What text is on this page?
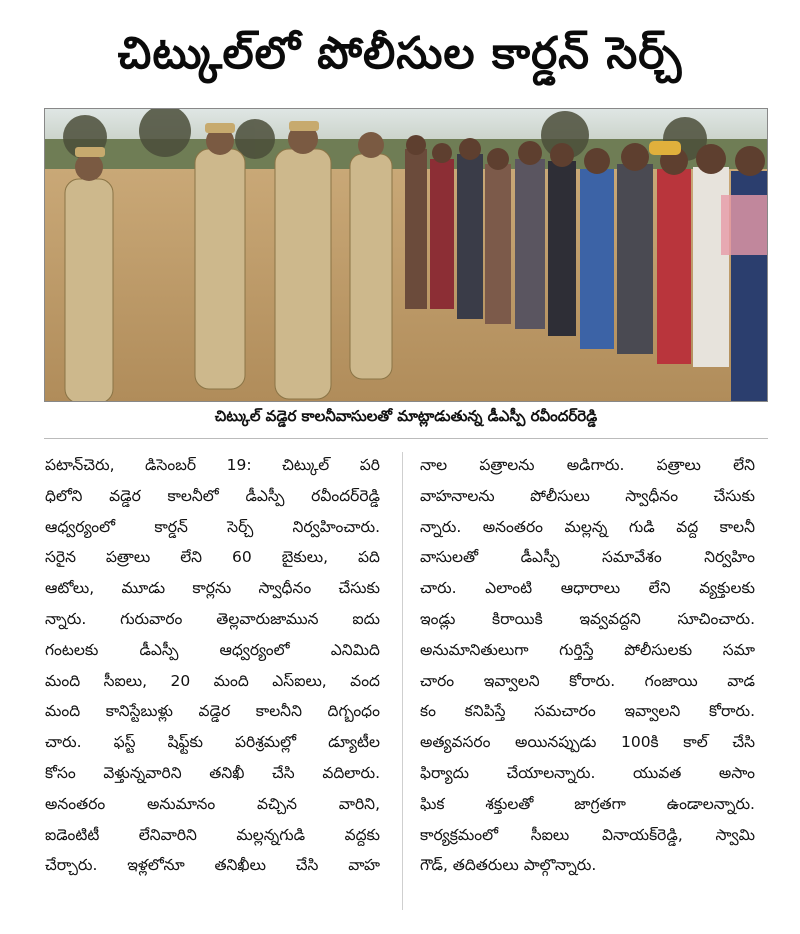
చిట్కుల్‌లో పోలీసుల కార్డన్ సెర్చ్
చిట్కుల్ వడ్డెర కాలనీవాసులతో మాట్లాడుతున్న డీఎస్పీ రవీందర్‌రెడ్డి
పటాన్‌చెరు, డిసెంబర్ 19: చిట్కుల్ పరి
ధిలోని వడ్డెర కాలనీలో డీఎస్పీ రవీందర్‌రెడ్డి
ఆధ్వర్యంలో కార్డన్ సెర్చ్ నిర్వహించారు.
సరైన పత్రాలు లేని 60 బైకులు, పది
ఆటోలు, మూడు కార్లను స్వాధీనం చేసుకు
న్నారు. గురువారం తెల్లవారుజామున ఐదు
గంటలకు డీఎస్పీ ఆధ్వర్యంలో ఎనిమిది
మంది సీఐలు, 20 మంది ఎస్ఐలు, వంద
మంది కానిస్టేబుళ్లు వడ్డెర కాలనీని దిగ్బంధం
చారు. ఫస్ట్ షిఫ్ట్‌కు పరిశ్రమల్లో డ్యూటీల
కోసం వెళ్తున్నవారిని తనిఖీ చేసి వదిలారు.
అనంతరం అనుమానం వచ్చిన వారిని,
ఐడెంటిటీ లేనివారిని మల్లన్నగుడి వద్దకు
చేర్చారు. ఇళ్లలోనూ తనిఖీలు చేసి వాహ
నాల పత్రాలను అడిగారు. పత్రాలు లేని
వాహనాలను పోలీసులు స్వాధీనం చేసుకు
న్నారు. అనంతరం మల్లన్న గుడి వద్ద కాలనీ
వాసులతో డీఎస్పీ సమావేశం నిర్వహిం
చారు. ఎలాంటి ఆధారాలు లేని వ్యక్తులకు
ఇండ్లు కిరాయికి ఇవ్వవద్దని సూచించారు.
అనుమానితులుగా గుర్తిస్తే పోలీసులకు సమా
చారం ఇవ్వాలని కోరారు. గంజాయి వాడ
కం కనిపిస్తే సమచారం ఇవ్వాలని కోరారు.
అత్యవసరం అయినప్పుడు 100కి కాల్ చేసి
ఫిర్యాదు చేయాలన్నారు. యువత అసాం
ఘిక శక్తులతో జాగ్రతగా ఉండాలన్నారు.
కార్యక్రమంలో సీఐలు వినాయక్‌రెడ్డి, స్వామి
గౌడ్, తదితరులు పాల్గొన్నారు.
